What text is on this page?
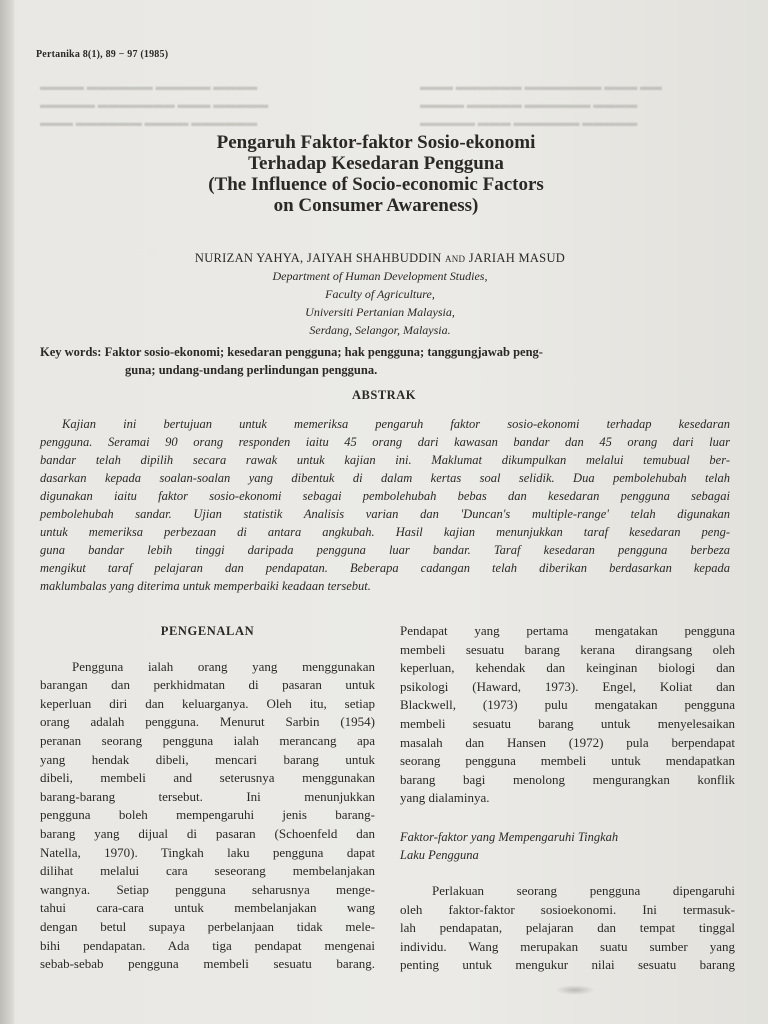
▬▬▬▬ ▬▬▬▬▬▬ ▬▬▬▬▬ ▬▬▬▬
▬▬▬▬▬ ▬▬▬▬▬▬▬ ▬▬▬ ▬▬▬▬▬
▬▬▬ ▬▬▬▬▬▬ ▬▬▬▬ ▬▬▬▬▬▬
▬▬▬ ▬▬▬▬▬▬ ▬▬▬▬▬▬▬ ▬▬▬ ▬▬
▬▬▬▬ ▬▬▬▬▬ ▬▬▬▬▬▬ ▬▬▬▬
▬▬▬▬▬ ▬▬▬ ▬▬▬▬▬▬ ▬▬▬▬▬
Pertanika 8(1), 89 − 97 (1985)
Pengaruh Faktor-faktor Sosio-ekonomi
Terhadap Kesedaran Pengguna
(The Influence of Socio-economic Factors
on Consumer Awareness)
NURIZAN YAHYA, JAIYAH SHAHBUDDIN and JARIAH MASUD
Department of Human Development Studies,
Faculty of Agriculture,
Universiti Pertanian Malaysia,
Serdang, Selangor, Malaysia.
Key words: Faktor sosio-ekonomi; kesedaran pengguna; hak pengguna; tanggungjawab peng-
guna; undang-undang perlindungan pengguna.
ABSTRAK
Kajian ini bertujuan untuk memeriksa pengaruh faktor sosio-ekonomi terhadap kesedaran
pengguna. Seramai 90 orang responden iaitu 45 orang dari kawasan bandar dan 45 orang dari luar
bandar telah dipilih secara rawak untuk kajian ini. Maklumat dikumpulkan melalui temubual ber-
dasarkan kepada soalan-soalan yang dibentuk di dalam kertas soal selidik. Dua pembolehubah telah
digunakan iaitu faktor sosio-ekonomi sebagai pembolehubah bebas dan kesedaran pengguna sebagai
pembolehubah sandar. Ujian statistik Analisis varian dan 'Duncan's multiple-range' telah digunakan
untuk memeriksa perbezaan di antara angkubah. Hasil kajian menunjukkan taraf kesedaran peng-
guna bandar lebih tinggi daripada pengguna luar bandar. Taraf kesedaran pengguna berbeza
mengikut taraf pelajaran dan pendapatan. Beberapa cadangan telah diberikan berdasarkan kepada
maklumbalas yang diterima untuk memperbaiki keadaan tersebut.
PENGENALAN
Pengguna ialah orang yang menggunakan
barangan dan perkhidmatan di pasaran untuk
keperluan diri dan keluarganya. Oleh itu, setiap
orang adalah pengguna. Menurut Sarbin (1954)
peranan seorang pengguna ialah merancang apa
yang hendak dibeli, mencari barang untuk
dibeli, membeli and seterusnya menggunakan
barang-barang tersebut. Ini menunjukkan
pengguna boleh mempengaruhi jenis barang-
barang yang dijual di pasaran (Schoenfeld dan
Natella, 1970). Tingkah laku pengguna dapat
dilihat melalui cara seseorang membelanjakan
wangnya. Setiap pengguna seharusnya menge-
tahui cara-cara untuk membelanjakan wang
dengan betul supaya perbelanjaan tidak mele-
bihi pendapatan. Ada tiga pendapat mengenai
sebab-sebab pengguna membeli sesuatu barang.
Pendapat yang pertama mengatakan pengguna
membeli sesuatu barang kerana dirangsang oleh
keperluan, kehendak dan keinginan biologi dan
psikologi (Haward, 1973). Engel, Koliat dan
Blackwell, (1973) pulu mengatakan pengguna
membeli sesuatu barang untuk menyelesaikan
masalah dan Hansen (1972) pula berpendapat
seorang pengguna membeli untuk mendapatkan
barang bagi menolong mengurangkan konflik
yang dialaminya.
Faktor-faktor yang Mempengaruhi Tingkah
Laku Pengguna
Perlakuan seorang pengguna dipengaruhi
oleh faktor-faktor sosioekonomi. Ini termasuk-
lah pendapatan, pelajaran dan tempat tinggal
individu. Wang merupakan suatu sumber yang
penting untuk mengukur nilai sesuatu barang
